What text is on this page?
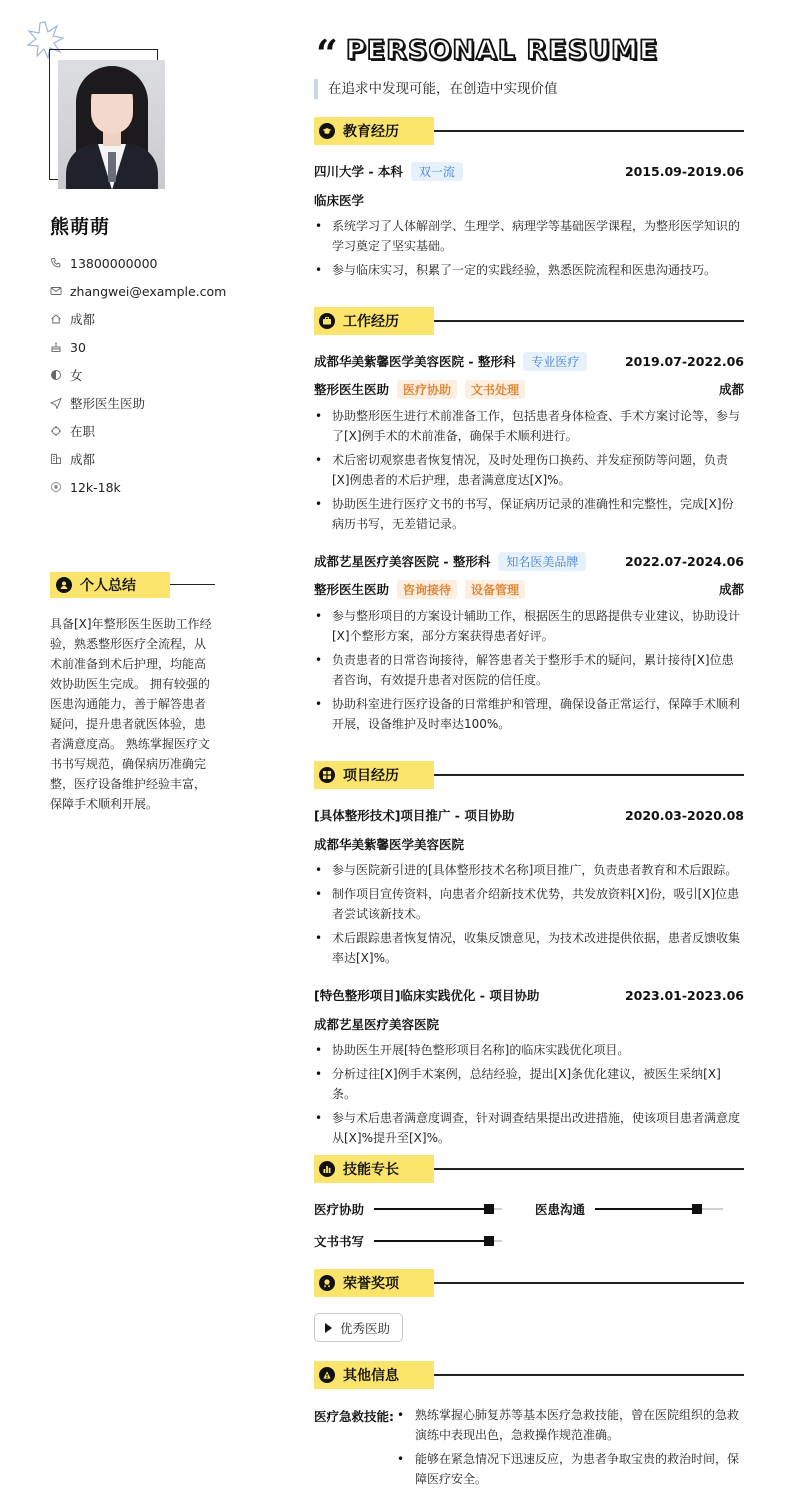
熊萌萌
13800000000
zhangwei@example.com
成都
30
女
整形医生医助
在职
成都
12k-18k
个人总结
具备[X]年整形医生医助工作经验，熟悉整形医疗全流程，从术前准备到术后护理，均能高效协助医生完成。 拥有较强的医患沟通能力，善于解答患者疑问，提升患者就医体验，患者满意度高。 熟练掌握医疗文书书写规范，确保病历准确完整，医疗设备维护经验丰富，保障手术顺利开展。
“ PERSONAL RESUME
在追求中发现可能，在创造中实现价值
教育经历
四川大学 - 本科	双一流	2015.09-2019.06
临床医学
• 系统学习了人体解剖学、生理学、病理学等基础医学课程，为整形医学知识的学习奠定了坚实基础。
• 参与临床实习，积累了一定的实践经验，熟悉医院流程和医患沟通技巧。
工作经历
成都华美紫馨医学美容医院 - 整形科	专业医疗	2019.07-2022.06
整形医生医助	医疗协助	文书处理	成都
• 协助整形医生进行术前准备工作，包括患者身体检查、手术方案讨论等，参与了[X]例手术的术前准备，确保手术顺利进行。
• 术后密切观察患者恢复情况，及时处理伤口换药、并发症预防等问题，负责[X]例患者的术后护理，患者满意度达[X]%。
• 协助医生进行医疗文书的书写，保证病历记录的准确性和完整性，完成[X]份病历书写，无差错记录。
成都艺星医疗美容医院 - 整形科	知名医美品牌	2022.07-2024.06
整形医生医助	咨询接待	设备管理	成都
• 参与整形项目的方案设计辅助工作，根据医生的思路提供专业建议，协助设计[X]个整形方案，部分方案获得患者好评。
• 负责患者的日常咨询接待，解答患者关于整形手术的疑问，累计接待[X]位患者咨询，有效提升患者对医院的信任度。
• 协助科室进行医疗设备的日常维护和管理，确保设备正常运行，保障手术顺利开展，设备维护及时率达100%。
项目经历
[具体整形技术]项目推广 - 项目协助	2020.03-2020.08
成都华美紫馨医学美容医院
• 参与医院新引进的[具体整形技术名称]项目推广，负责患者教育和术后跟踪。
• 制作项目宣传资料，向患者介绍新技术优势，共发放资料[X]份，吸引[X]位患者尝试该新技术。
• 术后跟踪患者恢复情况，收集反馈意见，为技术改进提供依据，患者反馈收集率达[X]%。
[特色整形项目]临床实践优化 - 项目协助	2023.01-2023.06
成都艺星医疗美容医院
• 协助医生开展[特色整形项目名称]的临床实践优化项目。
• 分析过往[X]例手术案例，总结经验，提出[X]条优化建议，被医生采纳[X]条。
• 参与术后患者满意度调查，针对调查结果提出改进措施，使该项目患者满意度从[X]%提升至[X]%。
技能专长
医疗协助	医患沟通
文书书写
荣誉奖项
优秀医助
其他信息
医疗急救技能:
•	熟练掌握心肺复苏等基本医疗急救技能，曾在医院组织的急救演练中表现出色，急救操作规范准确。
• 能够在紧急情况下迅速反应，为患者争取宝贵的救治时间，保障医疗安全。
